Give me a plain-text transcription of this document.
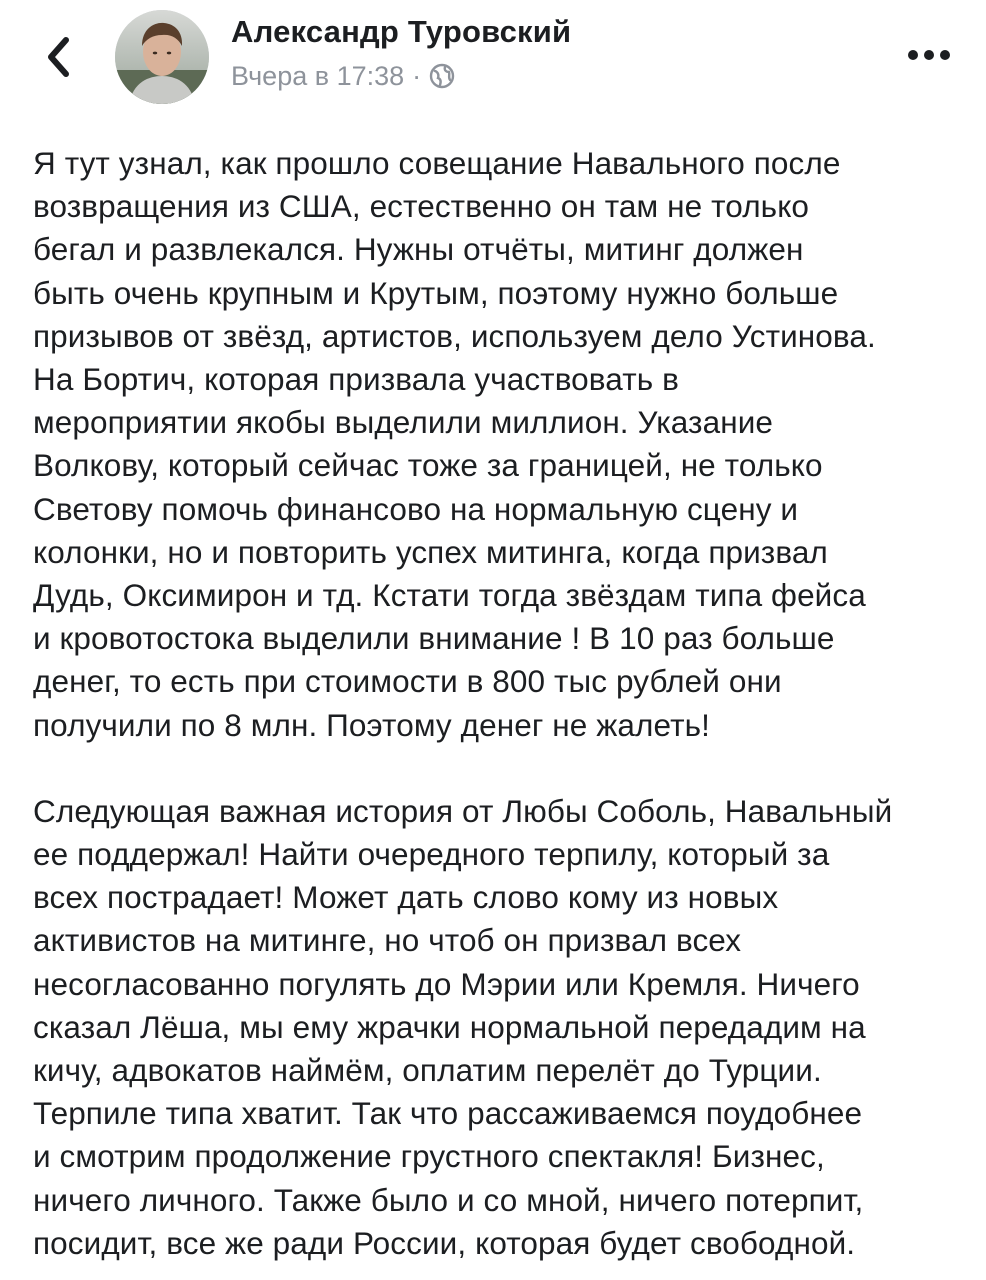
Александр Туровский
Вчера в 17:38 ·

Я тут узнал, как прошло совещание Навального после
возвращения из США, естественно он там не только
бегал и развлекался. Нужны отчёты, митинг должен
быть очень крупным и Крутым, поэтому нужно больше
призывов от звёзд, артистов, используем дело Устинова.
На Бортич, которая призвала участвовать в
мероприятии якобы выделили миллион. Указание
Волкову, который сейчас тоже за границей, не только
Светову помочь финансово на нормальную сцену и
колонки, но и повторить успех митинга, когда призвал
Дудь, Оксимирон и тд. Кстати тогда звёздам типа фейса
и кровотостока выделили внимание ! В 10 раз больше
денег, то есть при стоимости в 800 тыс рублей они
получили по 8 млн. Поэтому денег не жалеть!

Следующая важная история от Любы Соболь, Навальный
ее поддержал! Найти очередного терпилу, который за
всех пострадает! Может дать слово кому из новых
активистов на митинге, но чтоб он призвал всех
несогласованно погулять до Мэрии или Кремля. Ничего
сказал Лёша, мы ему жрачки нормальной передадим на
кичу, адвокатов наймём, оплатим перелёт до Турции.
Терпиле типа хватит. Так что рассаживаемся поудобнее
и смотрим продолжение грустного спектакля! Бизнес,
ничего личного. Также было и со мной, ничего потерпит,
посидит, все же ради России, которая будет свободной.
